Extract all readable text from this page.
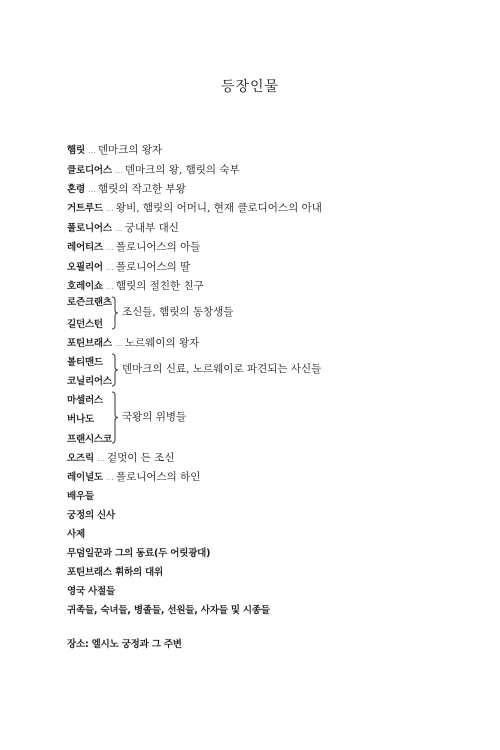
등장인물
햄릿 … 덴마크의 왕자
클로디어스 … 덴마크의 왕, 햄릿의 숙부
혼령 … 햄릿의 작고한 부왕
거트루드 … 왕비, 햄릿의 어머니, 현재 클로디어스의 아내
폴로니어스 … 궁내부 대신
레어티즈 … 폴로니어스의 아들
오필리어 … 폴로니어스의 딸
호레이쇼 … 햄릿의 절친한 친구
로즌크랜츠
길던스턴
조신들, 햄릿의 동창생들
포틴브래스 … 노르웨이의 왕자
볼티맨드
코닐리어스
덴마크의 신료, 노르웨이로 파견되는 사신들
마셀러스
버나도
프랜시스코
국왕의 위병들
오즈릭 … 겉멋이 든 조신
레이널도 … 폴로니어스의 하인
배우들
궁정의 신사
사제
무덤일꾼과 그의 동료(두 어릿광대)
포틴브래스 휘하의 대위
영국 사절들
귀족들, 숙녀들, 병졸들, 선원들, 사자들 및 시종들
장소: 엘시노 궁정과 그 주변
